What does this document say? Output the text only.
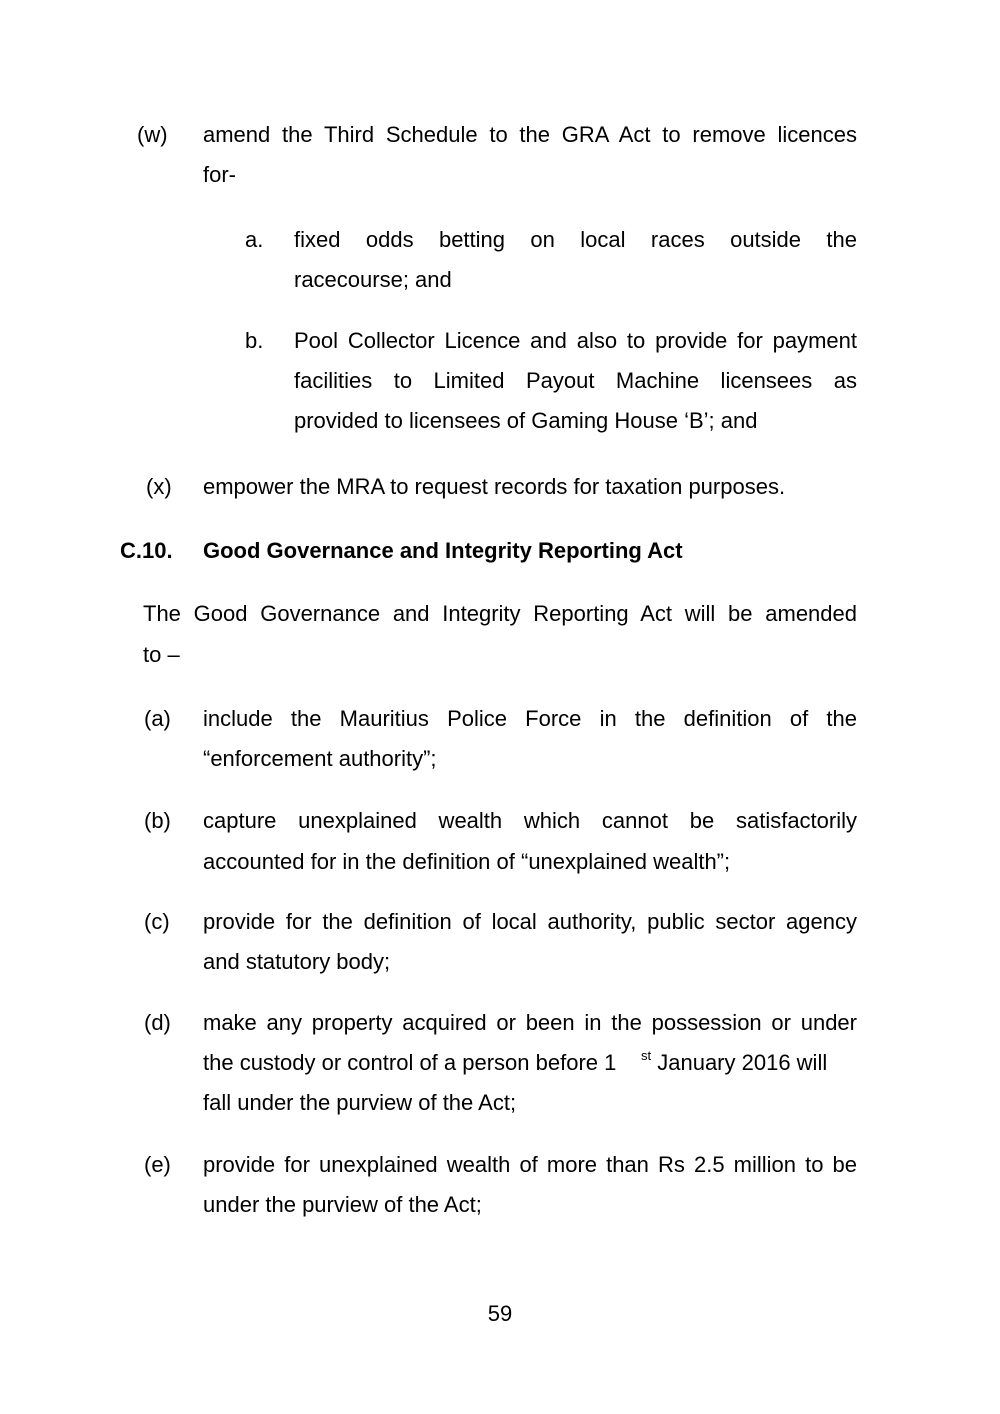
(w) amend the Third Schedule to the GRA Act to remove licences
for-
a. fixed odds betting on local races outside the
racecourse; and
b. Pool Collector Licence and also to provide for payment
facilities to Limited Payout Machine licensees as
provided to licensees of Gaming House ‘B’; and
(x) empower the MRA to request records for taxation purposes.
C.10. Good Governance and Integrity Reporting Act
The Good Governance and Integrity Reporting Act will be amended
to –
(a) include the Mauritius Police Force in the definition of the
“enforcement authority”;
(b) capture unexplained wealth which cannot be satisfactorily
accounted for in the definition of “unexplained wealth”;
(c) provide for the definition of local authority, public sector agency
and statutory body;
(d) make any property acquired or been in the possession or under
the custody or control of a person before 1 $^{st}$ January 2016 will
fall under the purview of the Act;
(e) provide for unexplained wealth of more than Rs 2.5 million to be
under the purview of the Act;
59
